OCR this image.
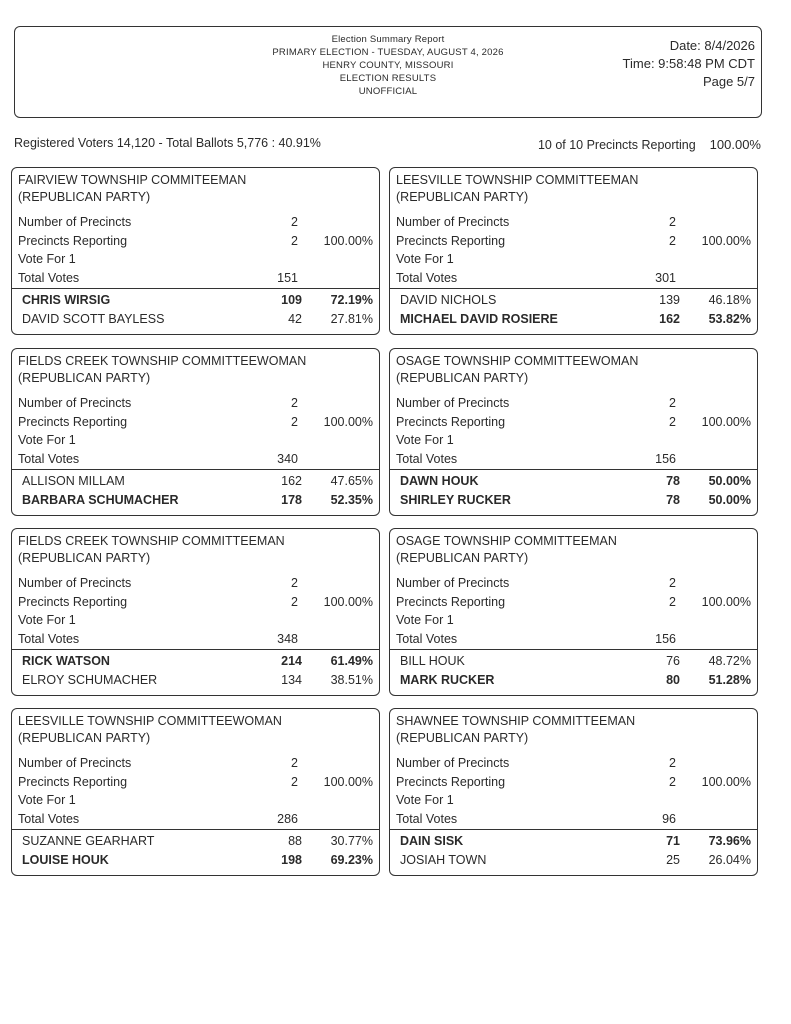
Election Summary Report
PRIMARY ELECTION - TUESDAY, AUGUST 4, 2026
HENRY COUNTY, MISSOURI
ELECTION RESULTS
UNOFFICIAL
Date: 8/4/2026
Time: 9:58:48 PM CDT
Page 5/7
Registered Voters 14,120 - Total Ballots 5,776 : 40.91%	10 of 10 Precincts Reporting 100.00%
FAIRVIEW TOWNSHIP COMMITEEMAN
(REPUBLICAN PARTY)
Number of Precincts	2
Precincts Reporting	2 100.00%
Vote For 1
Total Votes	151
CHRIS WIRSIG	109 72.19%
DAVID SCOTT BAYLESS	42 27.81%
LEESVILLE TOWNSHIP COMMITTEEMAN
(REPUBLICAN PARTY)
Number of Precincts	2
Precincts Reporting	2 100.00%
Vote For 1
Total Votes	301
DAVID NICHOLS	139 46.18%
MICHAEL DAVID ROSIERE	162 53.82%
FIELDS CREEK TOWNSHIP COMMITTEEWOMAN
(REPUBLICAN PARTY)
Number of Precincts	2
Precincts Reporting	2 100.00%
Vote For 1
Total Votes	340
ALLISON MILLAM	162 47.65%
BARBARA SCHUMACHER	178 52.35%
OSAGE TOWNSHIP COMMITTEEWOMAN
(REPUBLICAN PARTY)
Number of Precincts	2
Precincts Reporting	2 100.00%
Vote For 1
Total Votes	156
DAWN HOUK	78 50.00%
SHIRLEY RUCKER	78 50.00%
FIELDS CREEK TOWNSHIP COMMITTEEMAN
(REPUBLICAN PARTY)
Number of Precincts	2
Precincts Reporting	2 100.00%
Vote For 1
Total Votes	348
RICK WATSON	214 61.49%
ELROY SCHUMACHER	134 38.51%
OSAGE TOWNSHIP COMMITTEEMAN
(REPUBLICAN PARTY)
Number of Precincts	2
Precincts Reporting	2 100.00%
Vote For 1
Total Votes	156
BILL HOUK	76 48.72%
MARK RUCKER	80 51.28%
LEESVILLE TOWNSHIP COMMITTEEWOMAN
(REPUBLICAN PARTY)
Number of Precincts	2
Precincts Reporting	2 100.00%
Vote For 1
Total Votes	286
SUZANNE GEARHART	88 30.77%
LOUISE HOUK	198 69.23%
SHAWNEE TOWNSHIP COMMITTEEMAN
(REPUBLICAN PARTY)
Number of Precincts	2
Precincts Reporting	2 100.00%
Vote For 1
Total Votes	96
DAIN SISK	71 73.96%
JOSIAH TOWN	25 26.04%
